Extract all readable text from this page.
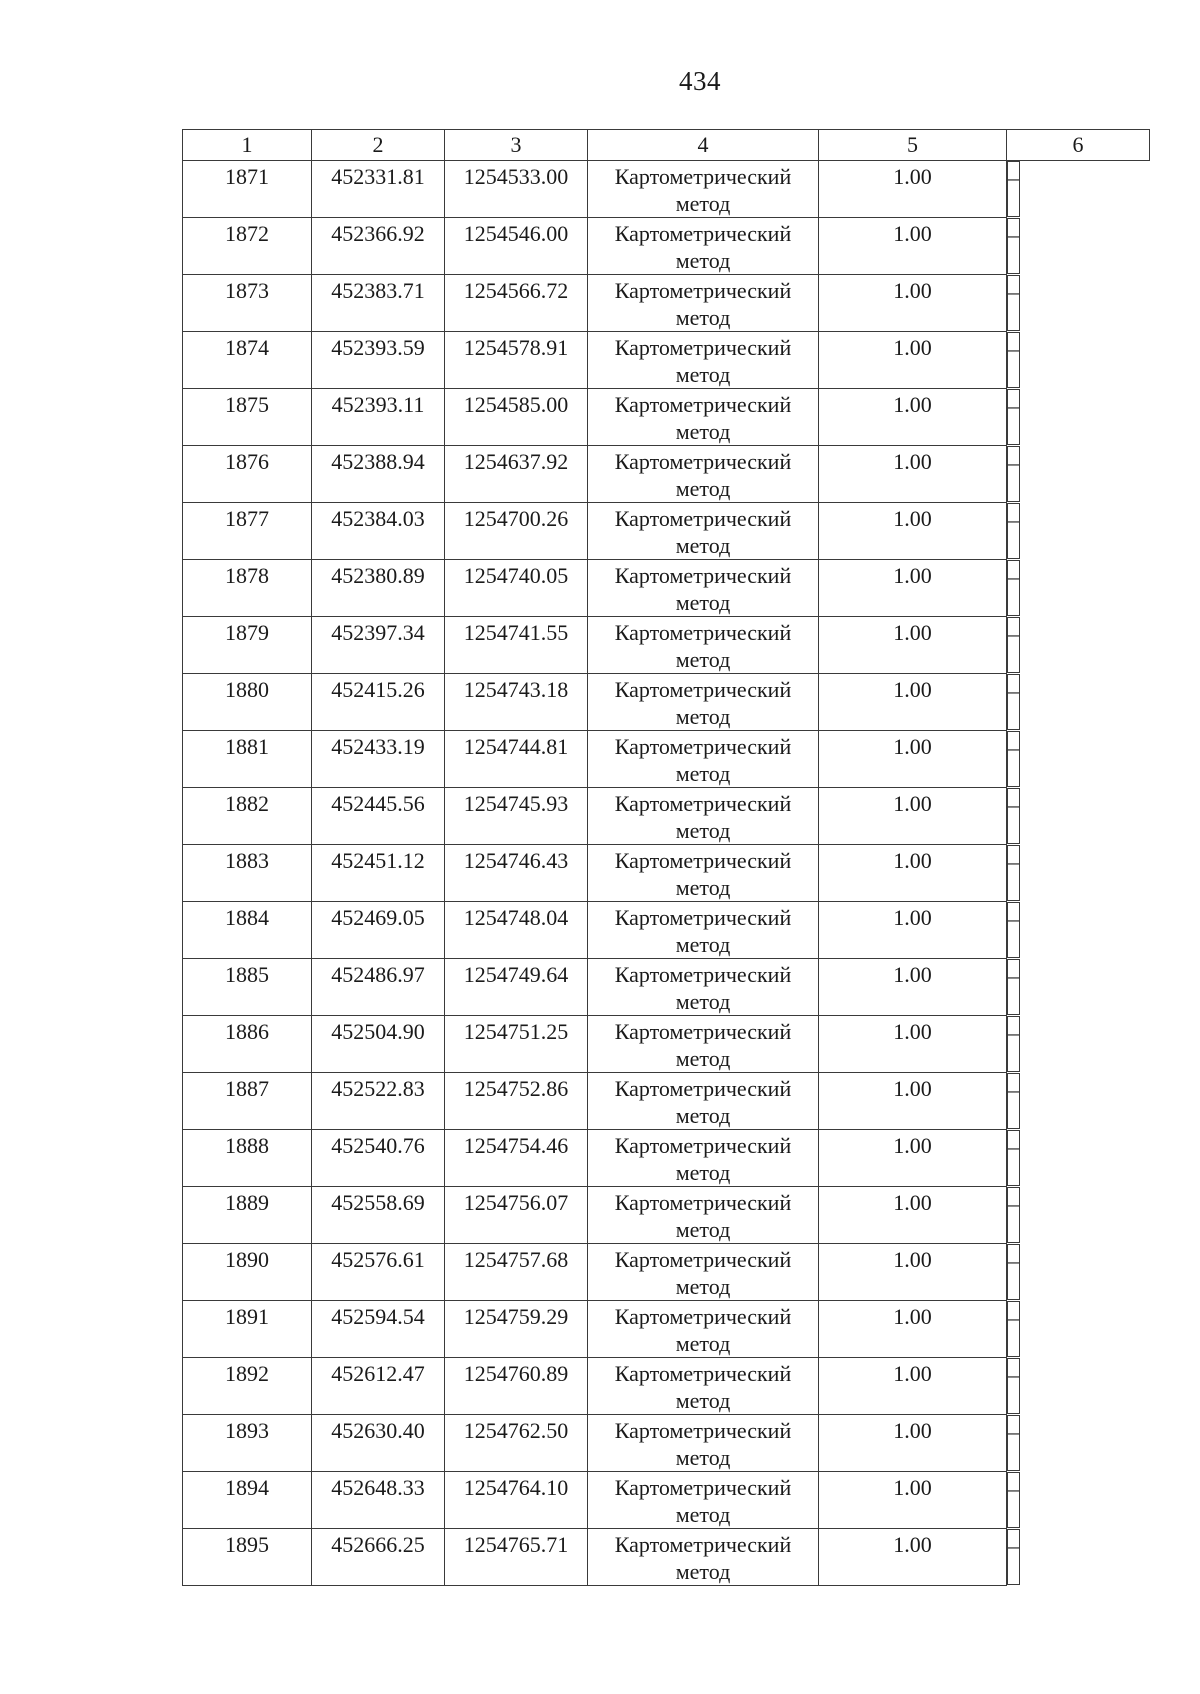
434
1	2	3	4	5	6
1871	452331.81	1254533.00	Картометрический метод	1.00		–
1872	452366.92	1254546.00	Картометрический метод	1.00		–
1873	452383.71	1254566.72	Картометрический метод	1.00		–
1874	452393.59	1254578.91	Картометрический метод	1.00		–
1875	452393.11	1254585.00	Картометрический метод	1.00		–
1876	452388.94	1254637.92	Картометрический метод	1.00		–
1877	452384.03	1254700.26	Картометрический метод	1.00		–
1878	452380.89	1254740.05	Картометрический метод	1.00		–
1879	452397.34	1254741.55	Картометрический метод	1.00		–
1880	452415.26	1254743.18	Картометрический метод	1.00		–
1881	452433.19	1254744.81	Картометрический метод	1.00		–
1882	452445.56	1254745.93	Картометрический метод	1.00		–
1883	452451.12	1254746.43	Картометрический метод	1.00		–
1884	452469.05	1254748.04	Картометрический метод	1.00		–
1885	452486.97	1254749.64	Картометрический метод	1.00		–
1886	452504.90	1254751.25	Картометрический метод	1.00		–
1887	452522.83	1254752.86	Картометрический метод	1.00		–
1888	452540.76	1254754.46	Картометрический метод	1.00		–
1889	452558.69	1254756.07	Картометрический метод	1.00		–
1890	452576.61	1254757.68	Картометрический метод	1.00		–
1891	452594.54	1254759.29	Картометрический метод	1.00		–
1892	452612.47	1254760.89	Картометрический метод	1.00		–
1893	452630.40	1254762.50	Картометрический метод	1.00		–
1894	452648.33	1254764.10	Картометрический метод	1.00		–
1895	452666.25	1254765.71	Картометрический метод	1.00		–
